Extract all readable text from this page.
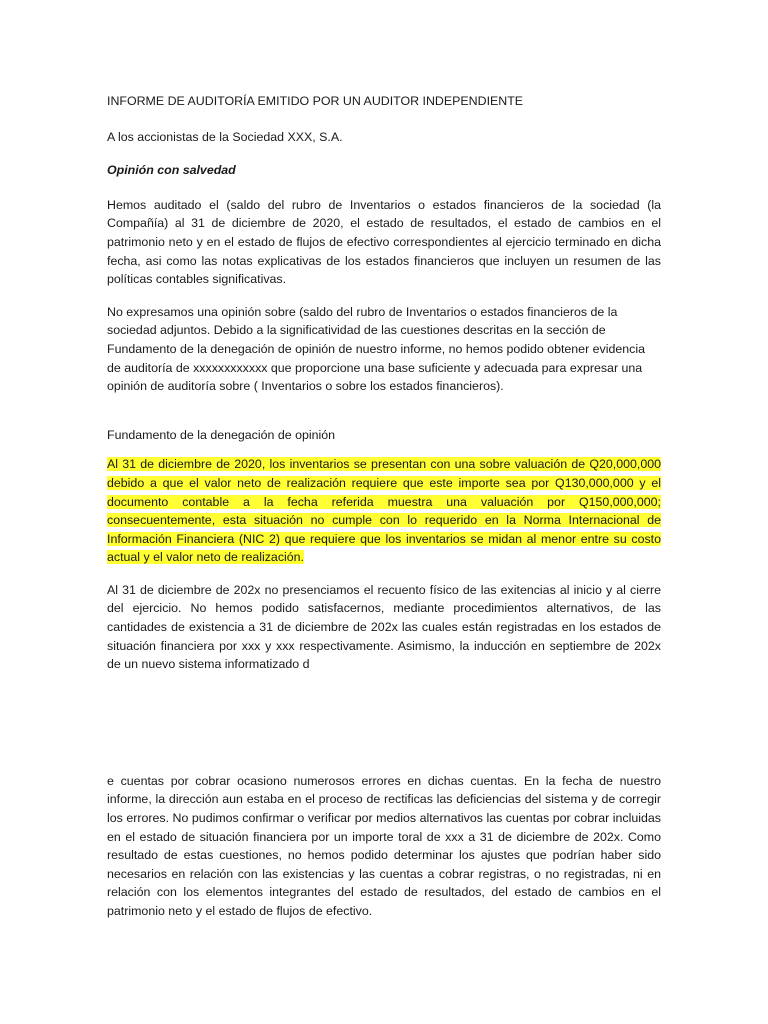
INFORME DE AUDITORÍA EMITIDO POR UN AUDITOR INDEPENDIENTE

A los accionistas de la Sociedad XXX, S.A.

Opinión con salvedad

Hemos auditado el (saldo del rubro de Inventarios o estados financieros de la sociedad (la Compañía) al 31 de diciembre de 2020, el estado de resultados, el estado de cambios en el patrimonio neto y en el estado de flujos de efectivo correspondientes al ejercicio terminado en dicha fecha, asi como las notas explicativas de los estados financieros que incluyen un resumen de las políticas contables significativas.

No expresamos una opinión sobre (saldo del rubro de Inventarios o estados financieros de la sociedad adjuntos. Debido a la significatividad de las cuestiones descritas en la sección de Fundamento de la denegación de opinión de nuestro informe, no hemos podido obtener evidencia de auditoría de xxxxxxxxxxxx que proporcione una base suficiente y adecuada para expresar una opinión de auditoría sobre ( Inventarios o sobre los estados financieros).

Fundamento de la denegación de opinión

Al 31 de diciembre de 2020, los inventarios se presentan con una sobre valuación de Q20,000,000 debido a que el valor neto de realización requiere que este importe sea por Q130,000,000 y el documento contable a la fecha referida muestra una valuación por Q150,000,000; consecuentemente, esta situación no cumple con lo requerido en la Norma Internacional de Información Financiera (NIC 2) que requiere que los inventarios se midan al menor entre su costo actual y el valor neto de realización.

Al 31 de diciembre de 202x no presenciamos el recuento físico de las exitencias al inicio y al cierre del ejercicio. No hemos podido satisfacernos, mediante procedimientos alternativos, de las cantidades de existencia a 31 de diciembre de 202x las cuales están registradas en los estados de situación financiera por xxx y xxx respectivamente. Asimismo, la inducción en septiembre de 202x de un nuevo sistema informatizado d

e cuentas por cobrar ocasiono numerosos errores en dichas cuentas. En la fecha de nuestro informe, la dirección aun estaba en el proceso de rectificas las deficiencias del sistema y de corregir los errores. No pudimos confirmar o verificar por medios alternativos las cuentas por cobrar incluidas en el estado de situación financiera por un importe toral de xxx a 31 de diciembre de 202x. Como resultado de estas cuestiones, no hemos podido determinar los ajustes que podrían haber sido necesarios en relación con las existencias y las cuentas a cobrar registras, o no registradas, ni en relación con los elementos integrantes del estado de resultados, del estado de cambios en el patrimonio neto y el estado de flujos de efectivo.
